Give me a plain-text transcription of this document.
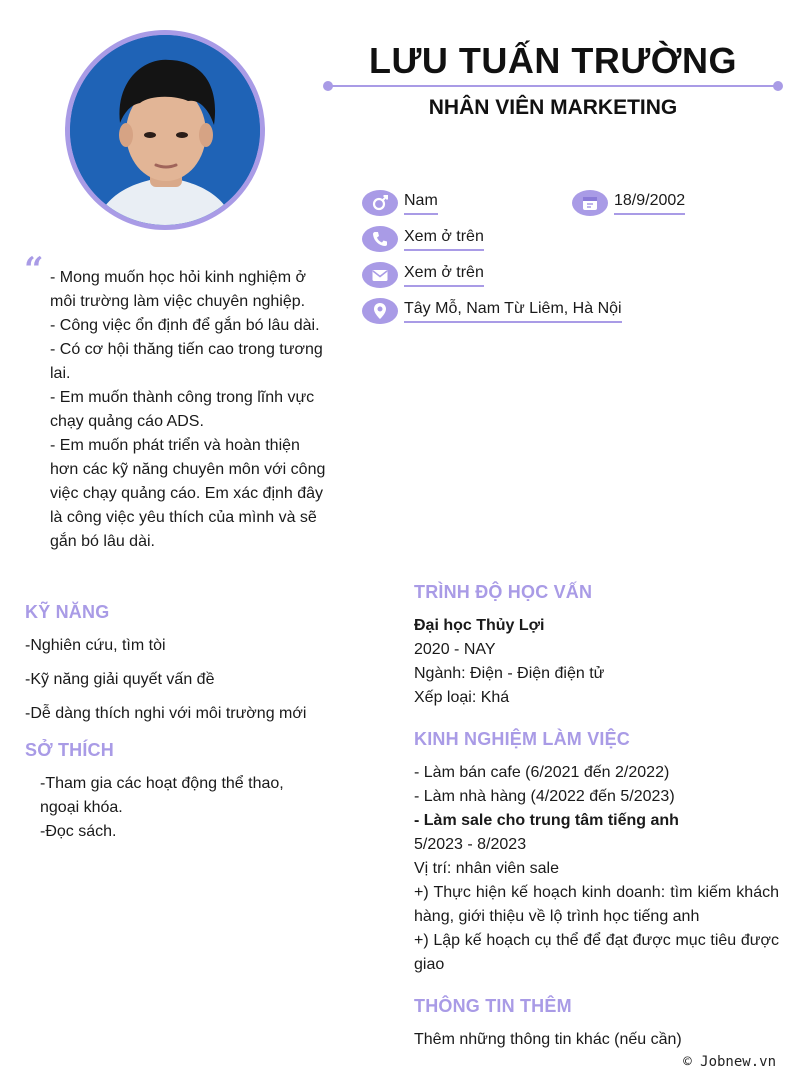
LƯU TUẤN TRƯỜNG
NHÂN VIÊN MARKETING
Nam	18/9/2002
Xem ở trên
Xem ở trên
Tây Mỗ, Nam Từ Liêm, Hà Nội
“ - Mong muốn học hỏi kinh nghiệm ở môi trường làm việc chuyên nghiệp.
- Công việc ổn định để gắn bó lâu dài.
- Có cơ hội thăng tiến cao trong tương lai.
- Em muốn thành công trong lĩnh vực chạy quảng cáo ADS.
- Em muốn phát triển và hoàn thiện hơn các kỹ năng chuyên môn với công việc chạy quảng cáo. Em xác định đây là công việc yêu thích của mình và sẽ gắn bó lâu dài.
KỸ NĂNG
-Nghiên cứu, tìm tòi
-Kỹ năng giải quyết vấn đề
-Dễ dàng thích nghi với môi trường mới
SỞ THÍCH
-Tham gia các hoạt động thể thao, ngoại khóa.
-Đọc sách.
TRÌNH ĐỘ HỌC VẤN
Đại học Thủy Lợi
2020 - NAY
Ngành: Điện - Điện điện tử
Xếp loại: Khá
KINH NGHIỆM LÀM VIỆC
- Làm bán cafe (6/2021 đến 2/2022)
- Làm nhà hàng (4/2022 đến 5/2023)
- Làm sale cho trung tâm tiếng anh
5/2023 - 8/2023
Vị trí: nhân viên sale
+) Thực hiện kế hoạch kinh doanh: tìm kiếm khách hàng, giới thiệu về lộ trình học tiếng anh
+) Lập kế hoạch cụ thể để đạt được mục tiêu được giao
THÔNG TIN THÊM
Thêm những thông tin khác (nếu cần)
© Jobnew.vn
